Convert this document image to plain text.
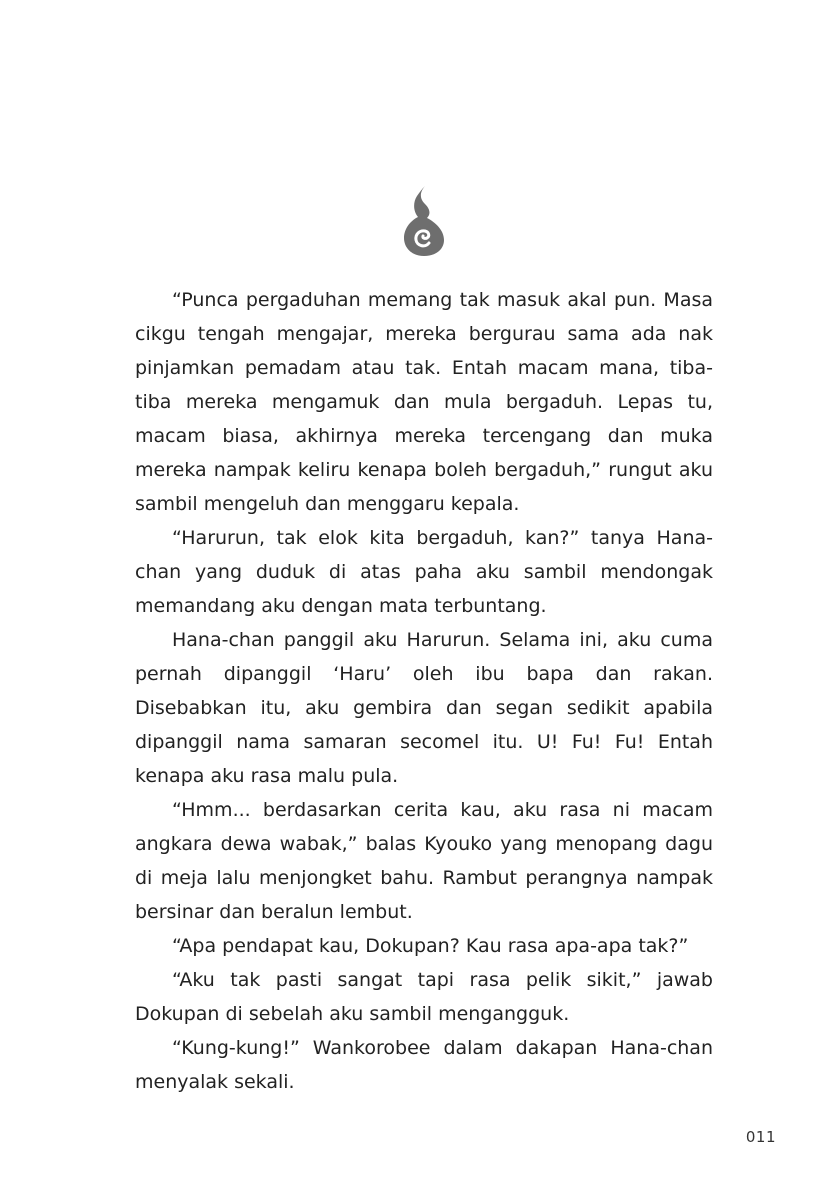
“Punca pergaduhan memang tak masuk akal pun. Masa cikgu tengah mengajar, mereka bergurau sama ada nak pinjamkan pemadam atau tak. Entah macam mana, tiba-tiba mereka mengamuk dan mula bergaduh. Lepas tu, macam biasa, akhirnya mereka tercengang dan muka mereka nampak keliru kenapa boleh bergaduh,” rungut aku sambil mengeluh dan menggaru kepala.

“Harurun, tak elok kita bergaduh, kan?” tanya Hana-chan yang duduk di atas paha aku sambil mendongak memandang aku dengan mata terbuntang.

Hana-chan panggil aku Harurun. Selama ini, aku cuma pernah dipanggil ‘Haru’ oleh ibu bapa dan rakan. Disebabkan itu, aku gembira dan segan sedikit apabila dipanggil nama samaran secomel itu. U! Fu! Fu! Entah kenapa aku rasa malu pula.

“Hmm... berdasarkan cerita kau, aku rasa ni macam angkara dewa wabak,” balas Kyouko yang menopang dagu di meja lalu menjongket bahu. Rambut perangnya nampak bersinar dan beralun lembut.

“Apa pendapat kau, Dokupan? Kau rasa apa-apa tak?”

“Aku tak pasti sangat tapi rasa pelik sikit,” jawab Dokupan di sebelah aku sambil mengangguk.

“Kung-kung!” Wankorobee dalam dakapan Hana-chan menyalak sekali.

011
